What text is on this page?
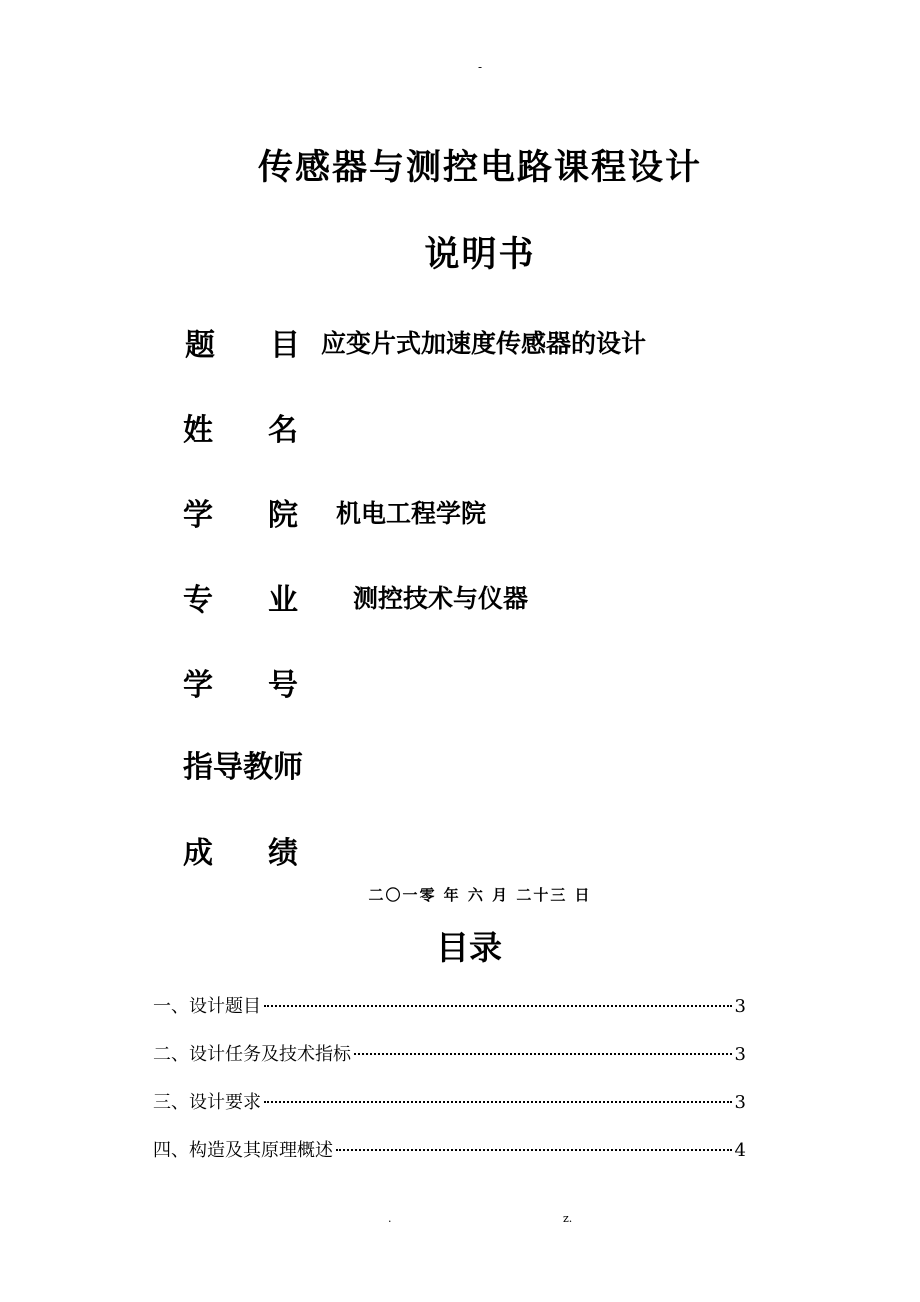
-
传感器与测控电路课程设计
说明书
题 目 应变片式加速度传感器的设计
姓 名
学 院 机电工程学院
专 业 测控技术与仪器
学 号
指导教师
成 绩
二〇一零 年 六 月 二十三 日
目录
一、设计题目	3
二、设计任务及技术指标	3
三、设计要求	3
四、构造及其原理概述	4
.	z.
